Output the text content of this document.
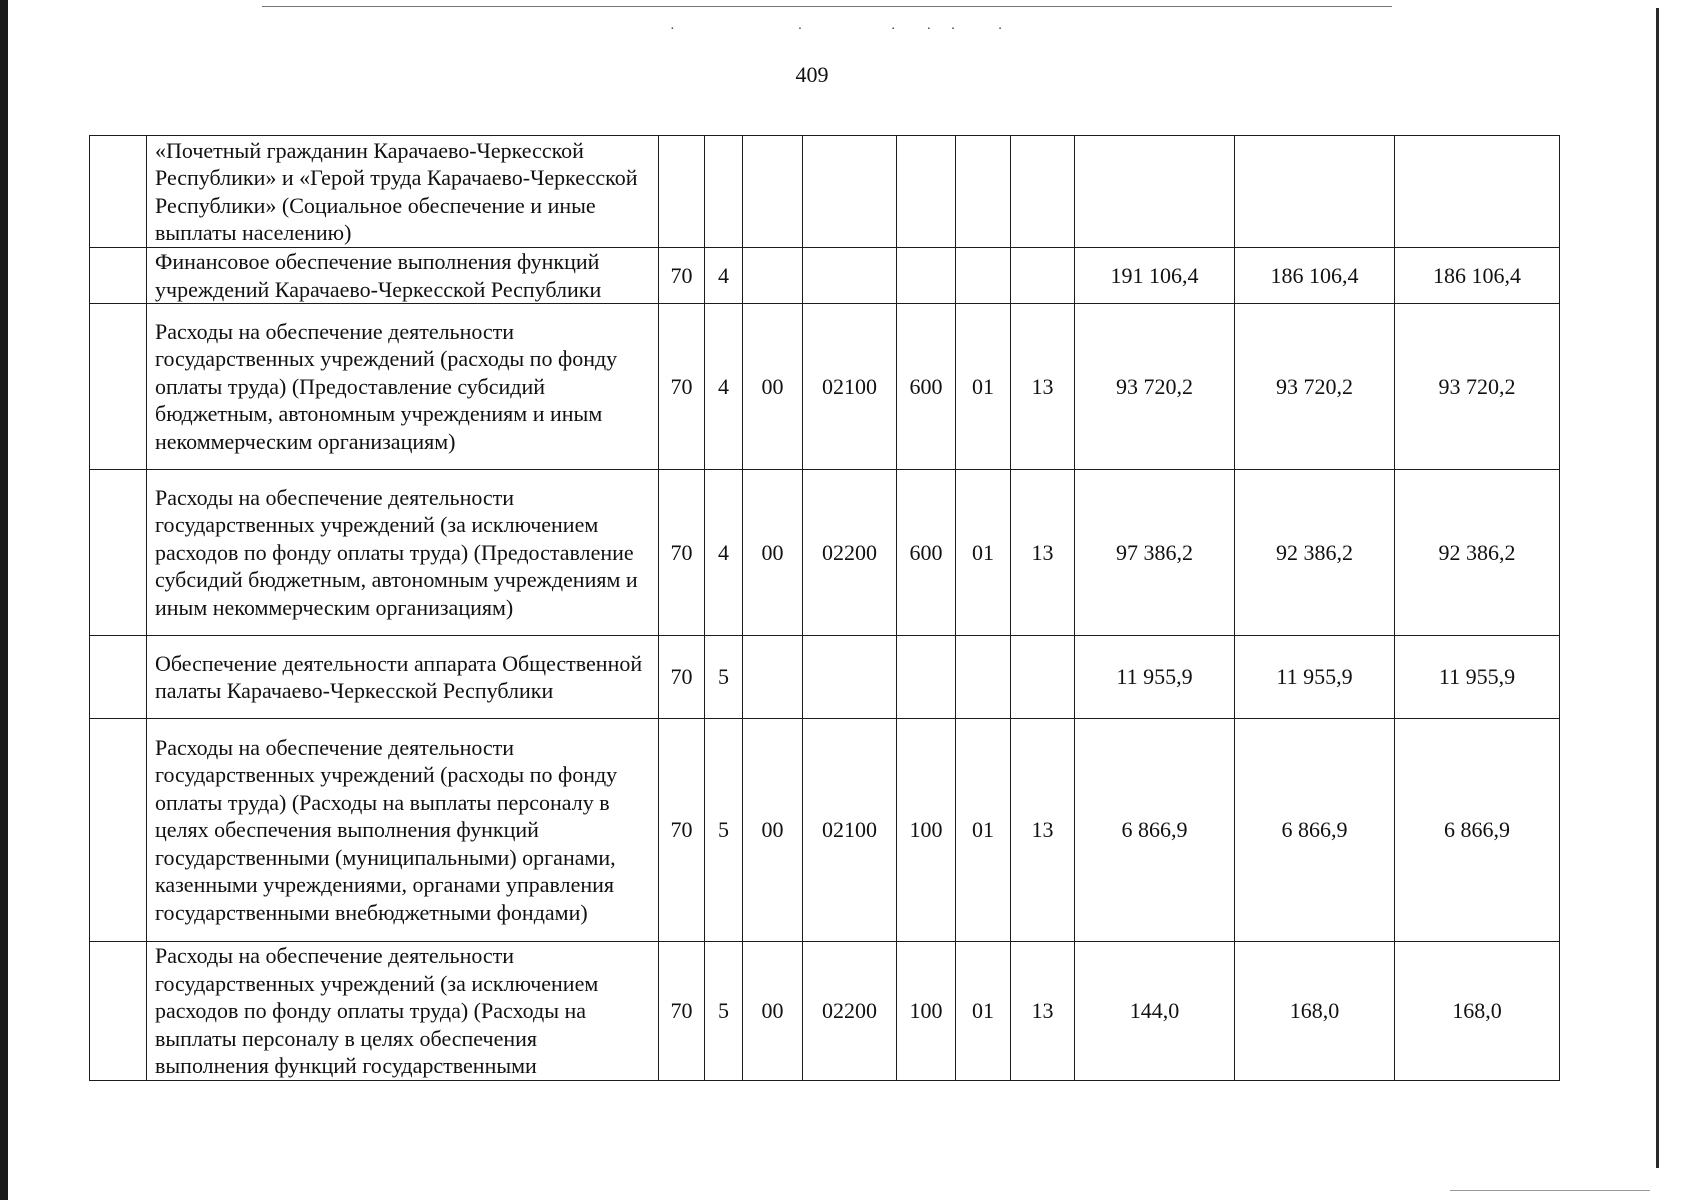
·          ·       ·  · ·   ·
409
	«Почетный гражданин Карачаево-Черкесской Республики» и «Герой труда Карачаево-Черкесской Республики» (Социальное обеспечение и иные выплаты населению)										
	Финансовое обеспечение выполнения функций учреждений Карачаево-Черкесской Республики	70	4						191 106,4	186 106,4	186 106,4
	Расходы на обеспечение деятельности государственных учреждений (расходы по фонду оплаты труда) (Предоставление субсидий бюджетным, автономным учреждениям и иным некоммерческим организациям)	70	4	00	02100	600	01	13	93 720,2	93 720,2	93 720,2
	Расходы на обеспечение деятельности государственных учреждений (за исключением расходов по фонду оплаты труда) (Предоставление субсидий бюджетным, автономным учреждениям и иным некоммерческим организациям)	70	4	00	02200	600	01	13	97 386,2	92 386,2	92 386,2
	Обеспечение деятельности аппарата Общественной палаты Карачаево-Черкесской Республики	70	5						11 955,9	11 955,9	11 955,9
	Расходы на обеспечение деятельности государственных учреждений (расходы по фонду оплаты труда) (Расходы на выплаты персоналу в целях обеспечения выполнения функций государственными (муниципальными) органами, казенными учреждениями, органами управления государственными внебюджетными фондами)	70	5	00	02100	100	01	13	6 866,9	6 866,9	6 866,9
	Расходы на обеспечение деятельности государственных учреждений (за исключением расходов по фонду оплаты труда) (Расходы на выплаты персоналу в целях обеспечения выполнения функций государственными	70	5	00	02200	100	01	13	144,0	168,0	168,0
